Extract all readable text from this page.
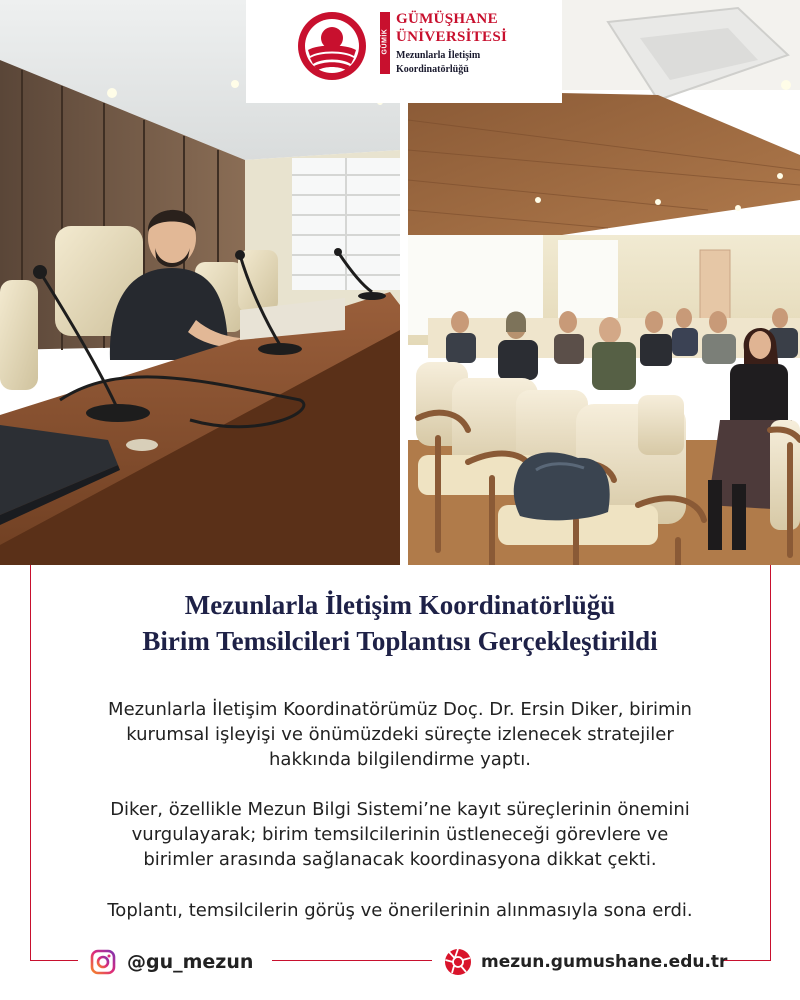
GÜMİK
GÜMÜŞHANE
ÜNİVERSİTESİ
Mezunlarla İletişim
Koordinatörlüğü
Mezunlarla İletişim Koordinatörlüğü
Birim Temsilcileri Toplantısı Gerçekleştirildi
Mezunlarla İletişim Koordinatörümüz Doç. Dr. Ersin Diker, birimin
kurumsal işleyişi ve önümüzdeki süreçte izlenecek stratejiler
hakkında bilgilendirme yaptı.
Diker, özellikle Mezun Bilgi Sistemi’ne kayıt süreçlerinin önemini
vurgulayarak; birim temsilcilerinin üstleneceği görevlere ve
birimler arasında sağlanacak koordinasyona dikkat çekti.
Toplantı, temsilcilerin görüş ve önerilerinin alınmasıyla sona erdi.
@gu_mezun	mezun.gumushane.edu.tr
